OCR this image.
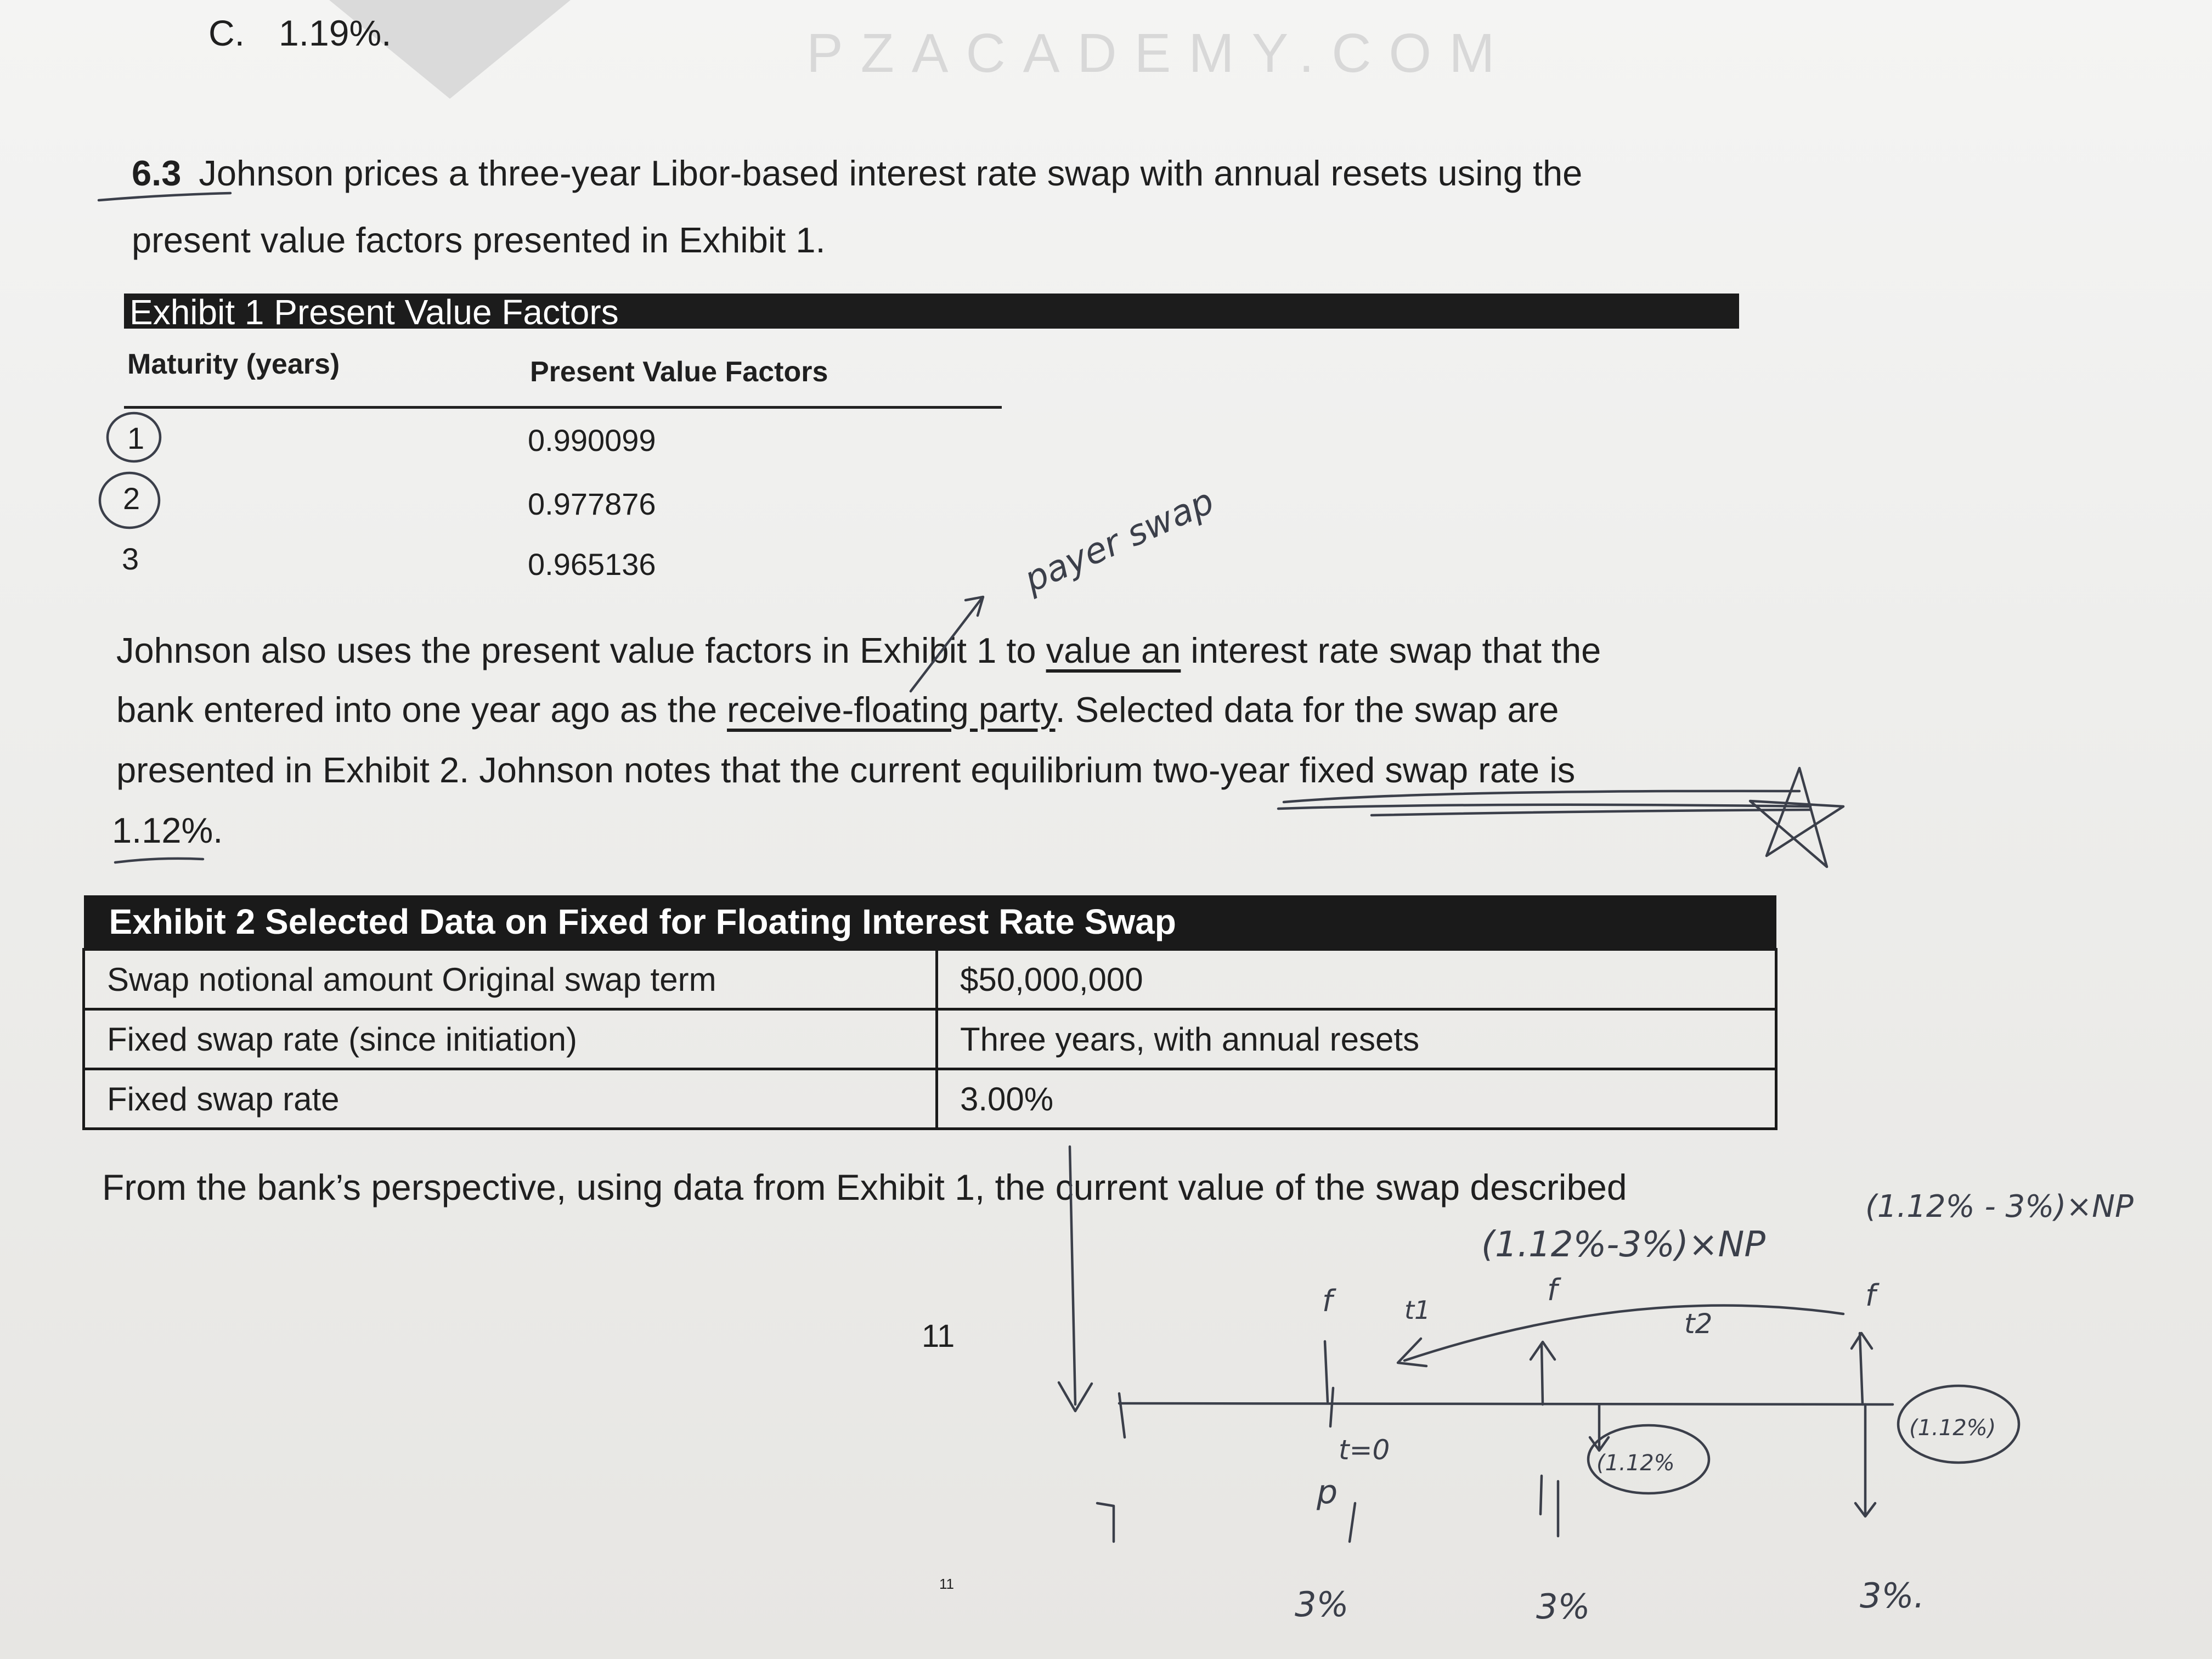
PZACADEMY.COM
C. 1.19%.
6.3 Johnson prices a three-year Libor-based interest rate swap with annual resets using the
present value factors presented in Exhibit 1.
Exhibit 1 Present Value Factors
Maturity (years)	Present Value Factors
1	0.990099
2	0.977876
3	0.965136
Johnson also uses the present value factors in Exhibit 1 to value an interest rate swap that the
bank entered into one year ago as the receive-floating party. Selected data for the swap are
presented in Exhibit 2. Johnson notes that the current equilibrium two-year fixed swap rate is
1.12%.
Exhibit 2 Selected Data on Fixed for Floating Interest Rate Swap	
Swap notional amount Original swap term	$50,000,000
Fixed swap rate (since initiation)	Three years, with annual resets
Fixed swap rate	3.00%
From the bank’s perspective, using data from Exhibit 1, the current value of the swap described
11
11
payer swap
(1.12%-3%)×NP
(1.12% - 3%)×NP
f	f	f
t1	t2
t=0
p
(1.12%
(1.12%)
3%	3%	3%.
